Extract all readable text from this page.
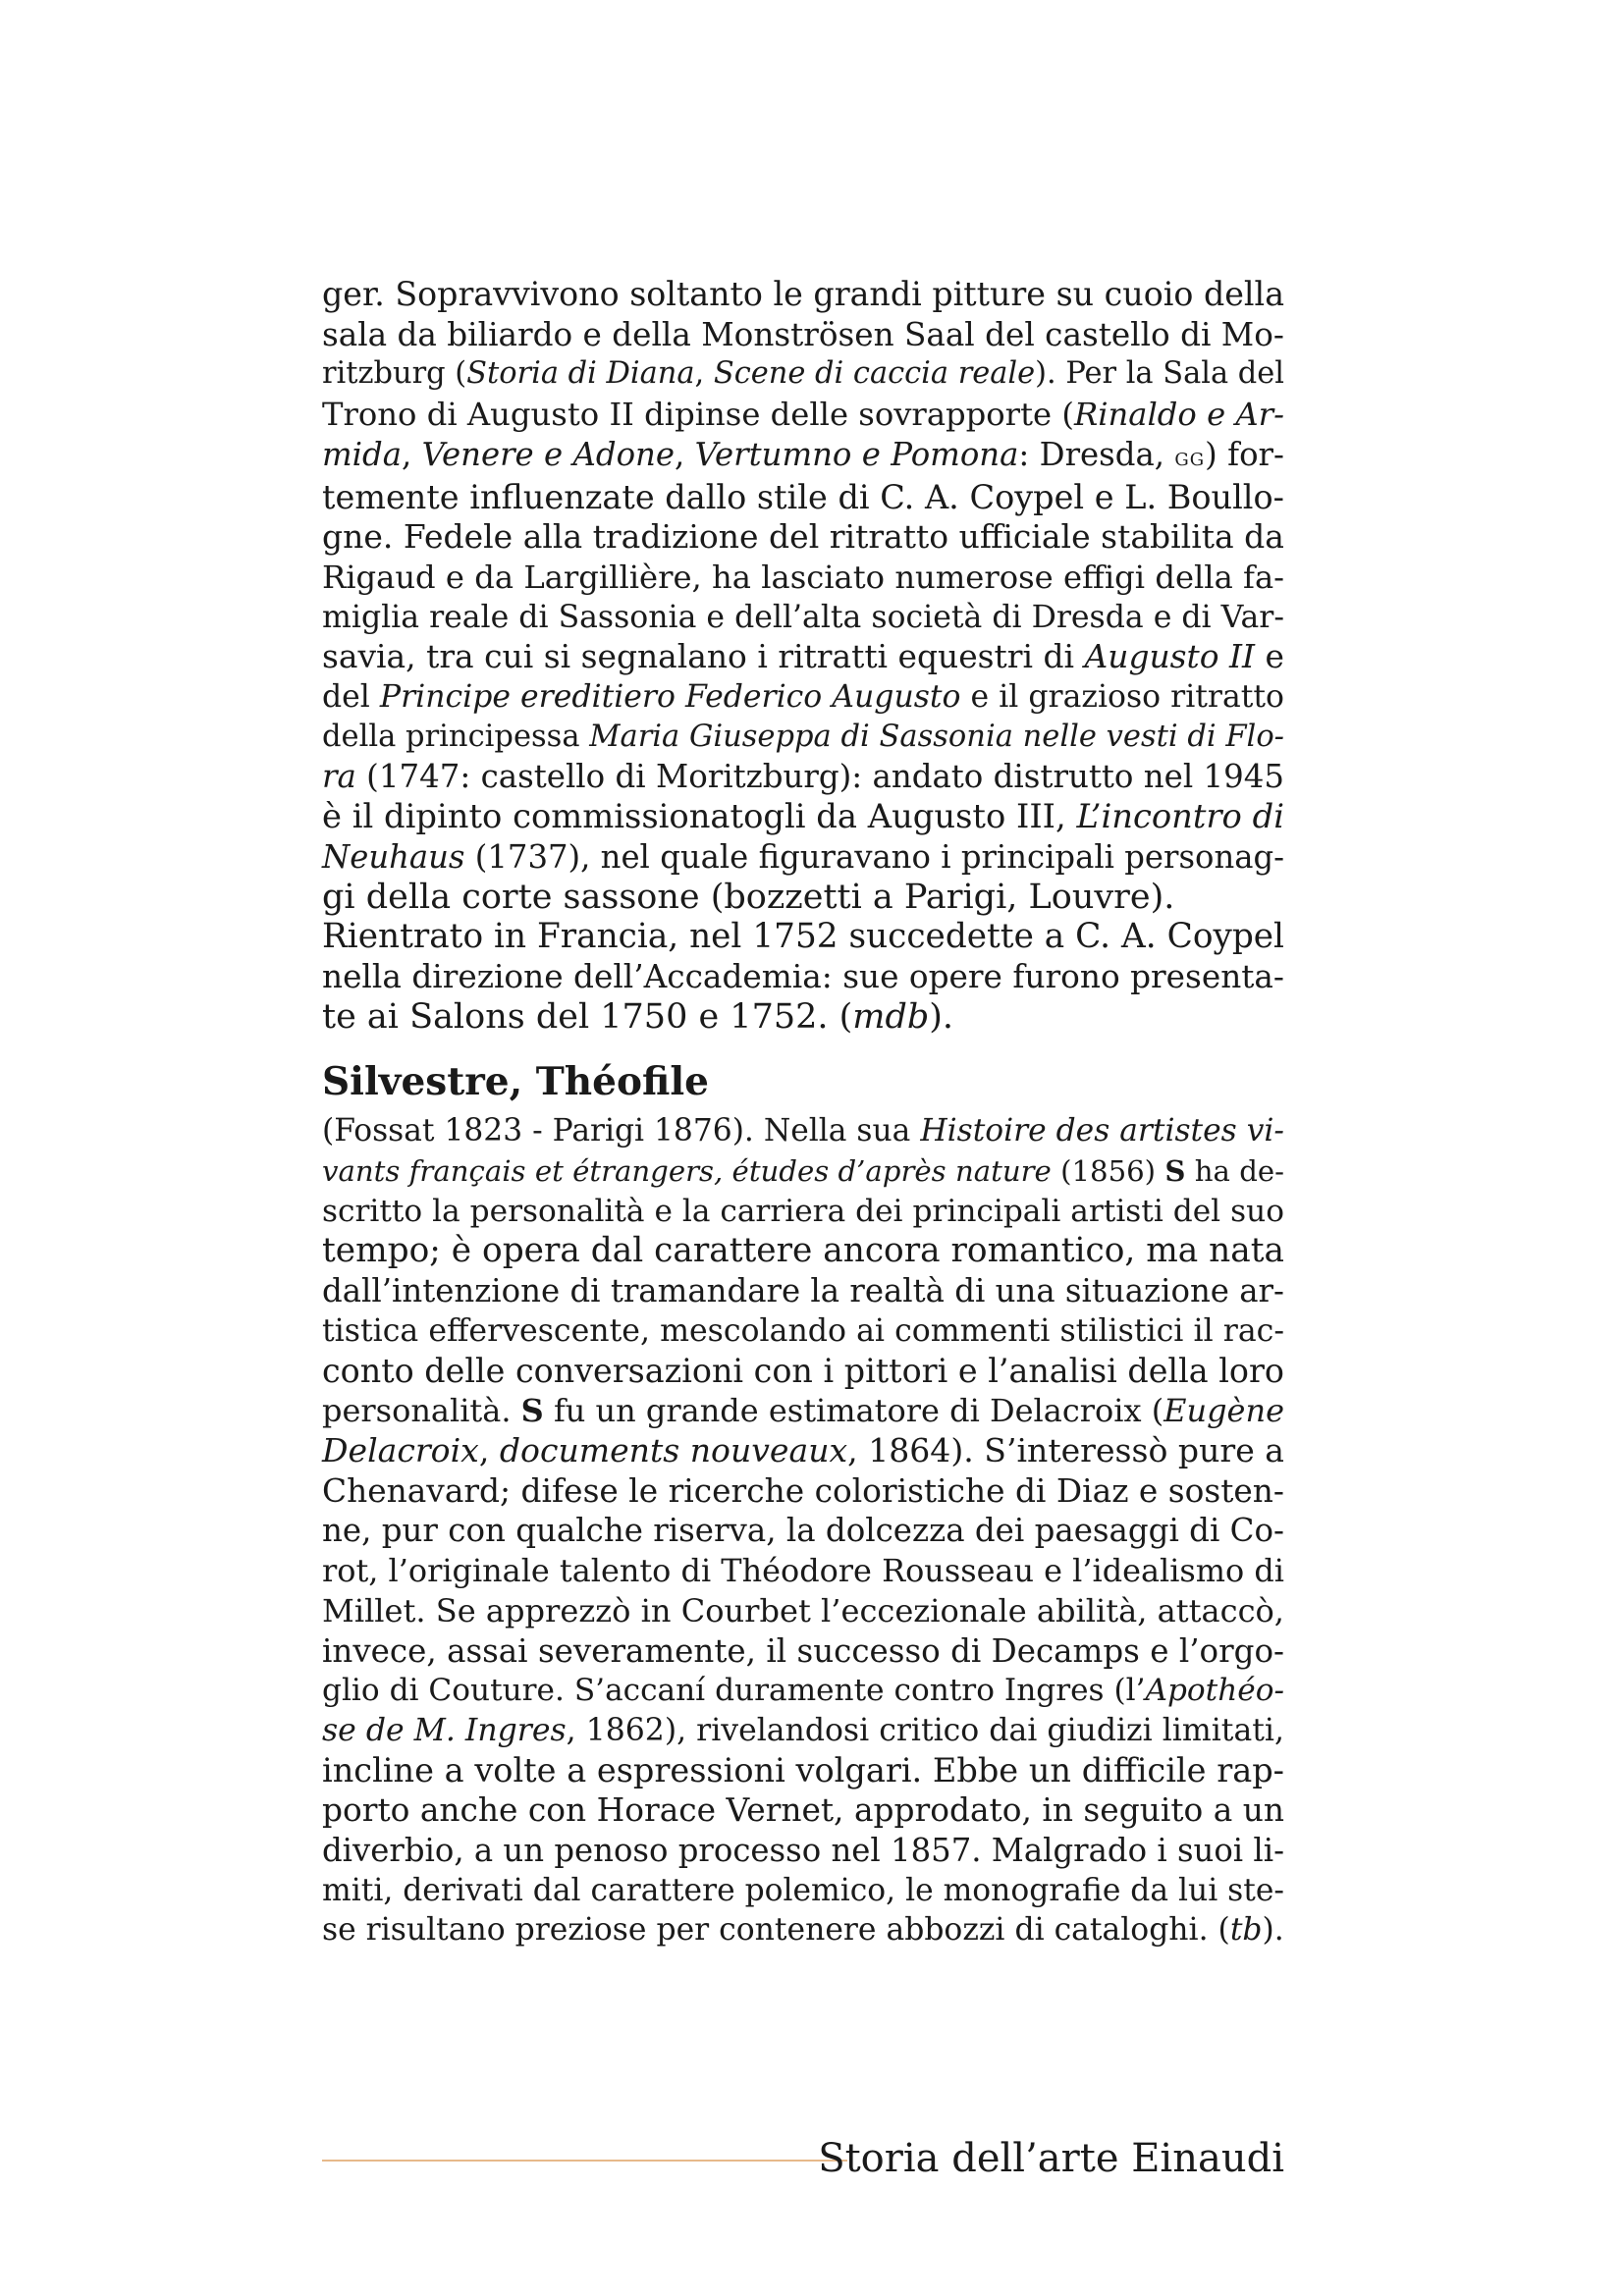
ger. Sopravvivono soltanto le grandi pitture su cuoio della
sala da biliardo e della Monströsen Saal del castello di Mo-
ritzburg (Storia di Diana, Scene di caccia reale). Per la Sala del
Trono di Augusto II dipinse delle sovrapporte (Rinaldo e Ar-
mida, Venere e Adone, Vertumno e Pomona: Dresda, gg) for-
temente influenzate dallo stile di C. A. Coypel e L. Boullo-
gne. Fedele alla tradizione del ritratto ufficiale stabilita da
Rigaud e da Largillière, ha lasciato numerose effigi della fa-
miglia reale di Sassonia e dell’alta società di Dresda e di Var-
savia, tra cui si segnalano i ritratti equestri di Augusto II e
del Principe ereditiero Federico Augusto e il grazioso ritratto
della principessa Maria Giuseppa di Sassonia nelle vesti di Flo-
ra (1747: castello di Moritzburg): andato distrutto nel 1945
è il dipinto commissionatogli da Augusto III, L’incontro di
Neuhaus (1737), nel quale figuravano i principali personag-
gi della corte sassone (bozzetti a Parigi, Louvre).
Rientrato in Francia, nel 1752 succedette a C. A. Coypel
nella direzione dell’Accademia: sue opere furono presenta-
te ai Salons del 1750 e 1752. (mdb).
Silvestre, Théofile
(Fossat 1823 - Parigi 1876). Nella sua Histoire des artistes vi-
vants français et étrangers, études d’après nature (1856) S ha de-
scritto la personalità e la carriera dei principali artisti del suo
tempo; è opera dal carattere ancora romantico, ma nata
dall’intenzione di tramandare la realtà di una situazione ar-
tistica effervescente, mescolando ai commenti stilistici il rac-
conto delle conversazioni con i pittori e l’analisi della loro
personalità. S fu un grande estimatore di Delacroix (Eugène
Delacroix, documents nouveaux, 1864). S’interessò pure a
Chenavard; difese le ricerche coloristiche di Diaz e sosten-
ne, pur con qualche riserva, la dolcezza dei paesaggi di Co-
rot, l’originale talento di Théodore Rousseau e l’idealismo di
Millet. Se apprezzò in Courbet l’eccezionale abilità, attaccò,
invece, assai severamente, il successo di Decamps e l’orgo-
glio di Couture. S’accaní duramente contro Ingres (l’Apothéo-
se de M. Ingres, 1862), rivelandosi critico dai giudizi limitati,
incline a volte a espressioni volgari. Ebbe un difficile rap-
porto anche con Horace Vernet, approdato, in seguito a un
diverbio, a un penoso processo nel 1857. Malgrado i suoi li-
miti, derivati dal carattere polemico, le monografie da lui ste-
se risultano preziose per contenere abbozzi di cataloghi. (tb).
Storia dell’arte Einaudi
